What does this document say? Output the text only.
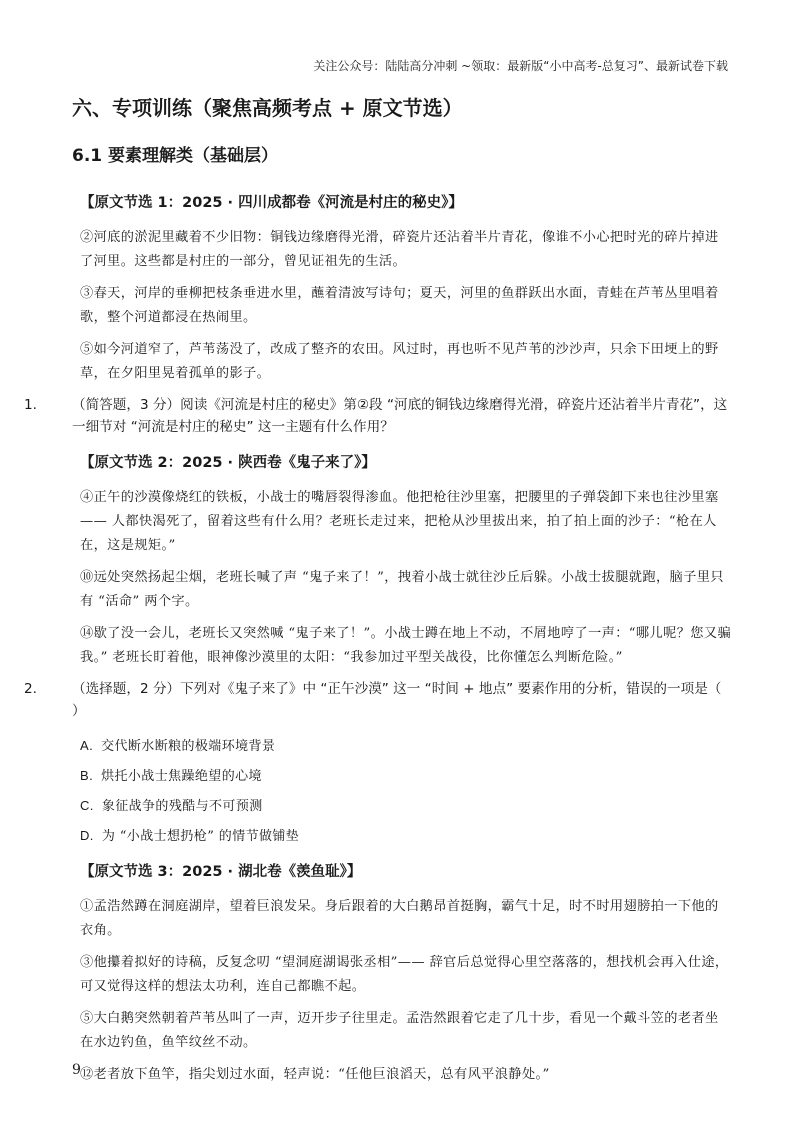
关注公众号：陆陆高分冲刺 ~领取：最新版“小中高考-总复习”、最新试卷下载
六、专项训练（聚焦高频考点 + 原文节选）
6.1 要素理解类（基础层）
【原文节选 1：2025 · 四川成都卷《河流是村庄的秘史》】

②河底的淤泥里藏着不少旧物：铜钱边缘磨得光滑，碎瓷片还沾着半片青花，像谁不小心把时光的碎片掉进了河里。这些都是村庄的一部分，曾见证祖先的生活。

③春天，河岸的垂柳把枝条垂进水里，蘸着清波写诗句；夏天，河里的鱼群跃出水面，青蛙在芦苇丛里唱着歌，整个河道都浸在热闹里。

⑤如今河道窄了，芦苇荡没了，改成了整齐的农田。风过时，再也听不见芦苇的沙沙声，只余下田埂上的野草，在夕阳里晃着孤单的影子。

1.	（简答题，3 分）阅读《河流是村庄的秘史》第②段 “河底的铜钱边缘磨得光滑，碎瓷片还沾着半片青花”，这一细节对 “河流是村庄的秘史” 这一主题有什么作用？
【原文节选 2：2025 · 陕西卷《鬼子来了》】

④正午的沙漠像烧红的铁板，小战士的嘴唇裂得渗血。他把枪往沙里塞，把腰里的子弹袋卸下来也往沙里塞 —— 人都快渴死了，留着这些有什么用？老班长走过来，把枪从沙里拔出来，拍了拍上面的沙子：“枪在人在，这是规矩。”

⑩远处突然扬起尘烟，老班长喊了声 “鬼子来了！”，拽着小战士就往沙丘后躲。小战士拔腿就跑，脑子里只有 “活命” 两个字。

⑭歇了没一会儿，老班长又突然喊 “鬼子来了！”。小战士蹲在地上不动，不屑地哼了一声：“哪儿呢？您又骗我。” 老班长盯着他，眼神像沙漠里的太阳：“我参加过平型关战役，比你懂怎么判断危险。”

2.	（选择题，2 分）下列对《鬼子来了》中 “正午沙漠” 这一 “时间 + 地点” 要素作用的分析，错误的一项是（ ）
A. 交代断水断粮的极端环境背景
B. 烘托小战士焦躁绝望的心境
C. 象征战争的残酷与不可预测
D. 为 “小战士想扔枪” 的情节做铺垫
【原文节选 3：2025 · 湖北卷《羡鱼耻》】

①孟浩然蹲在洞庭湖岸，望着巨浪发呆。身后跟着的大白鹅昂首挺胸，霸气十足，时不时用翅膀拍一下他的衣角。

③他攥着拟好的诗稿，反复念叨 “望洞庭湖谒张丞相”—— 辞官后总觉得心里空落落的，想找机会再入仕途，可又觉得这样的想法太功利，连自己都瞧不起。

⑤大白鹅突然朝着芦苇丛叫了一声，迈开步子往里走。孟浩然跟着它走了几十步，看见一个戴斗笠的老者坐在水边钓鱼，鱼竿纹丝不动。

⑫老者放下鱼竿，指尖划过水面，轻声说：“任他巨浪滔天，总有风平浪静处。”

9
